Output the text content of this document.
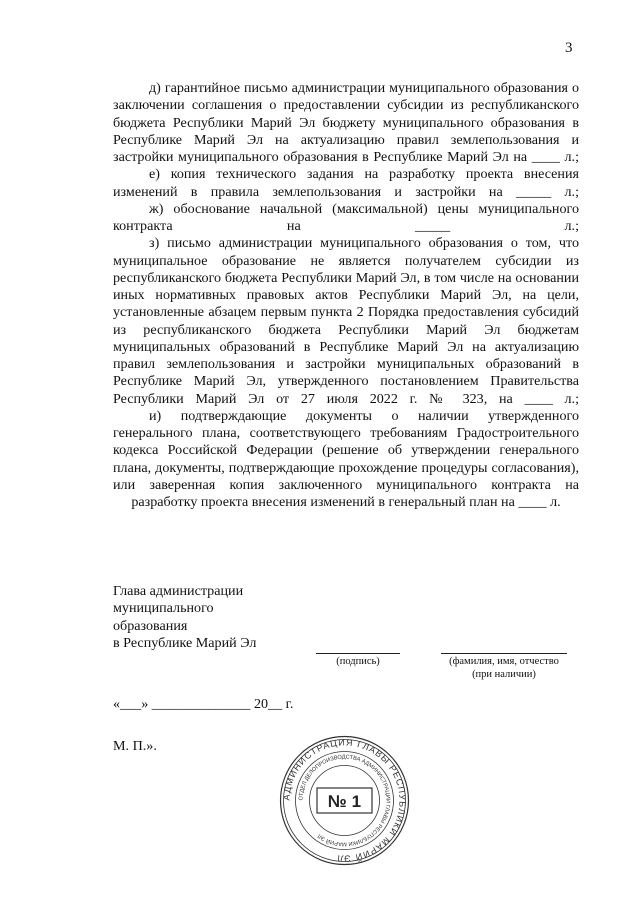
3

д) гарантийное письмо администрации муниципального образования о заключении соглашения о предоставлении субсидии из республиканского бюджета Республики Марий Эл бюджету муниципального образования в Республике Марий Эл на актуализацию правил землепользования и застройки муниципального образования в Республике Марий Эл на ____ л.;

е) копия технического задания на разработку проекта внесения изменений в правила землепользования и застройки на _____ л.;

ж) обоснование начальной (максимальной) цены муниципального контракта на _____ л.;

з) письмо администрации муниципального образования о том, что муниципальное образование не является получателем субсидии из республиканского бюджета Республики Марий Эл, в том числе на основании иных нормативных правовых актов Республики Марий Эл, на цели, установленные абзацем первым пункта 2 Порядка предоставления субсидий из республиканского бюджета Республики Марий Эл бюджетам муниципальных образований в Республике Марий Эл на актуализацию правил землепользования и застройки муниципальных образований в Республике Марий Эл, утвержденного постановлением Правительства Республики Марий Эл от 27 июля 2022 г. № 323, на ____ л.;

и) подтверждающие документы о наличии утвержденного генерального плана, соответствующего требованиям Градостроительного кодекса Российской Федерации (решение об утверждении генерального плана, документы, подтверждающие прохождение процедуры согласования), или заверенная копия заключенного муниципального контракта на разработку проекта внесения изменений в генеральный план на ____ л.

Глава администрации
муниципального
образования
в Республике Марий Эл
(подпись)	(фамилия, имя, отчество
(при наличии)
«___» ______________ 20__ г.
М. П.».
АДМИНИСТРАЦИЯ ГЛАВЫ РЕСПУБЛИКИ МАРИЙ ЭЛ
ОТДЕЛ ДЕЛОПРОИЗВОДСТВА АДМИНИСТРАЦИИ ГЛАВЫ РЕСПУБЛИКИ МАРИЙ ЭЛ
№ 1
